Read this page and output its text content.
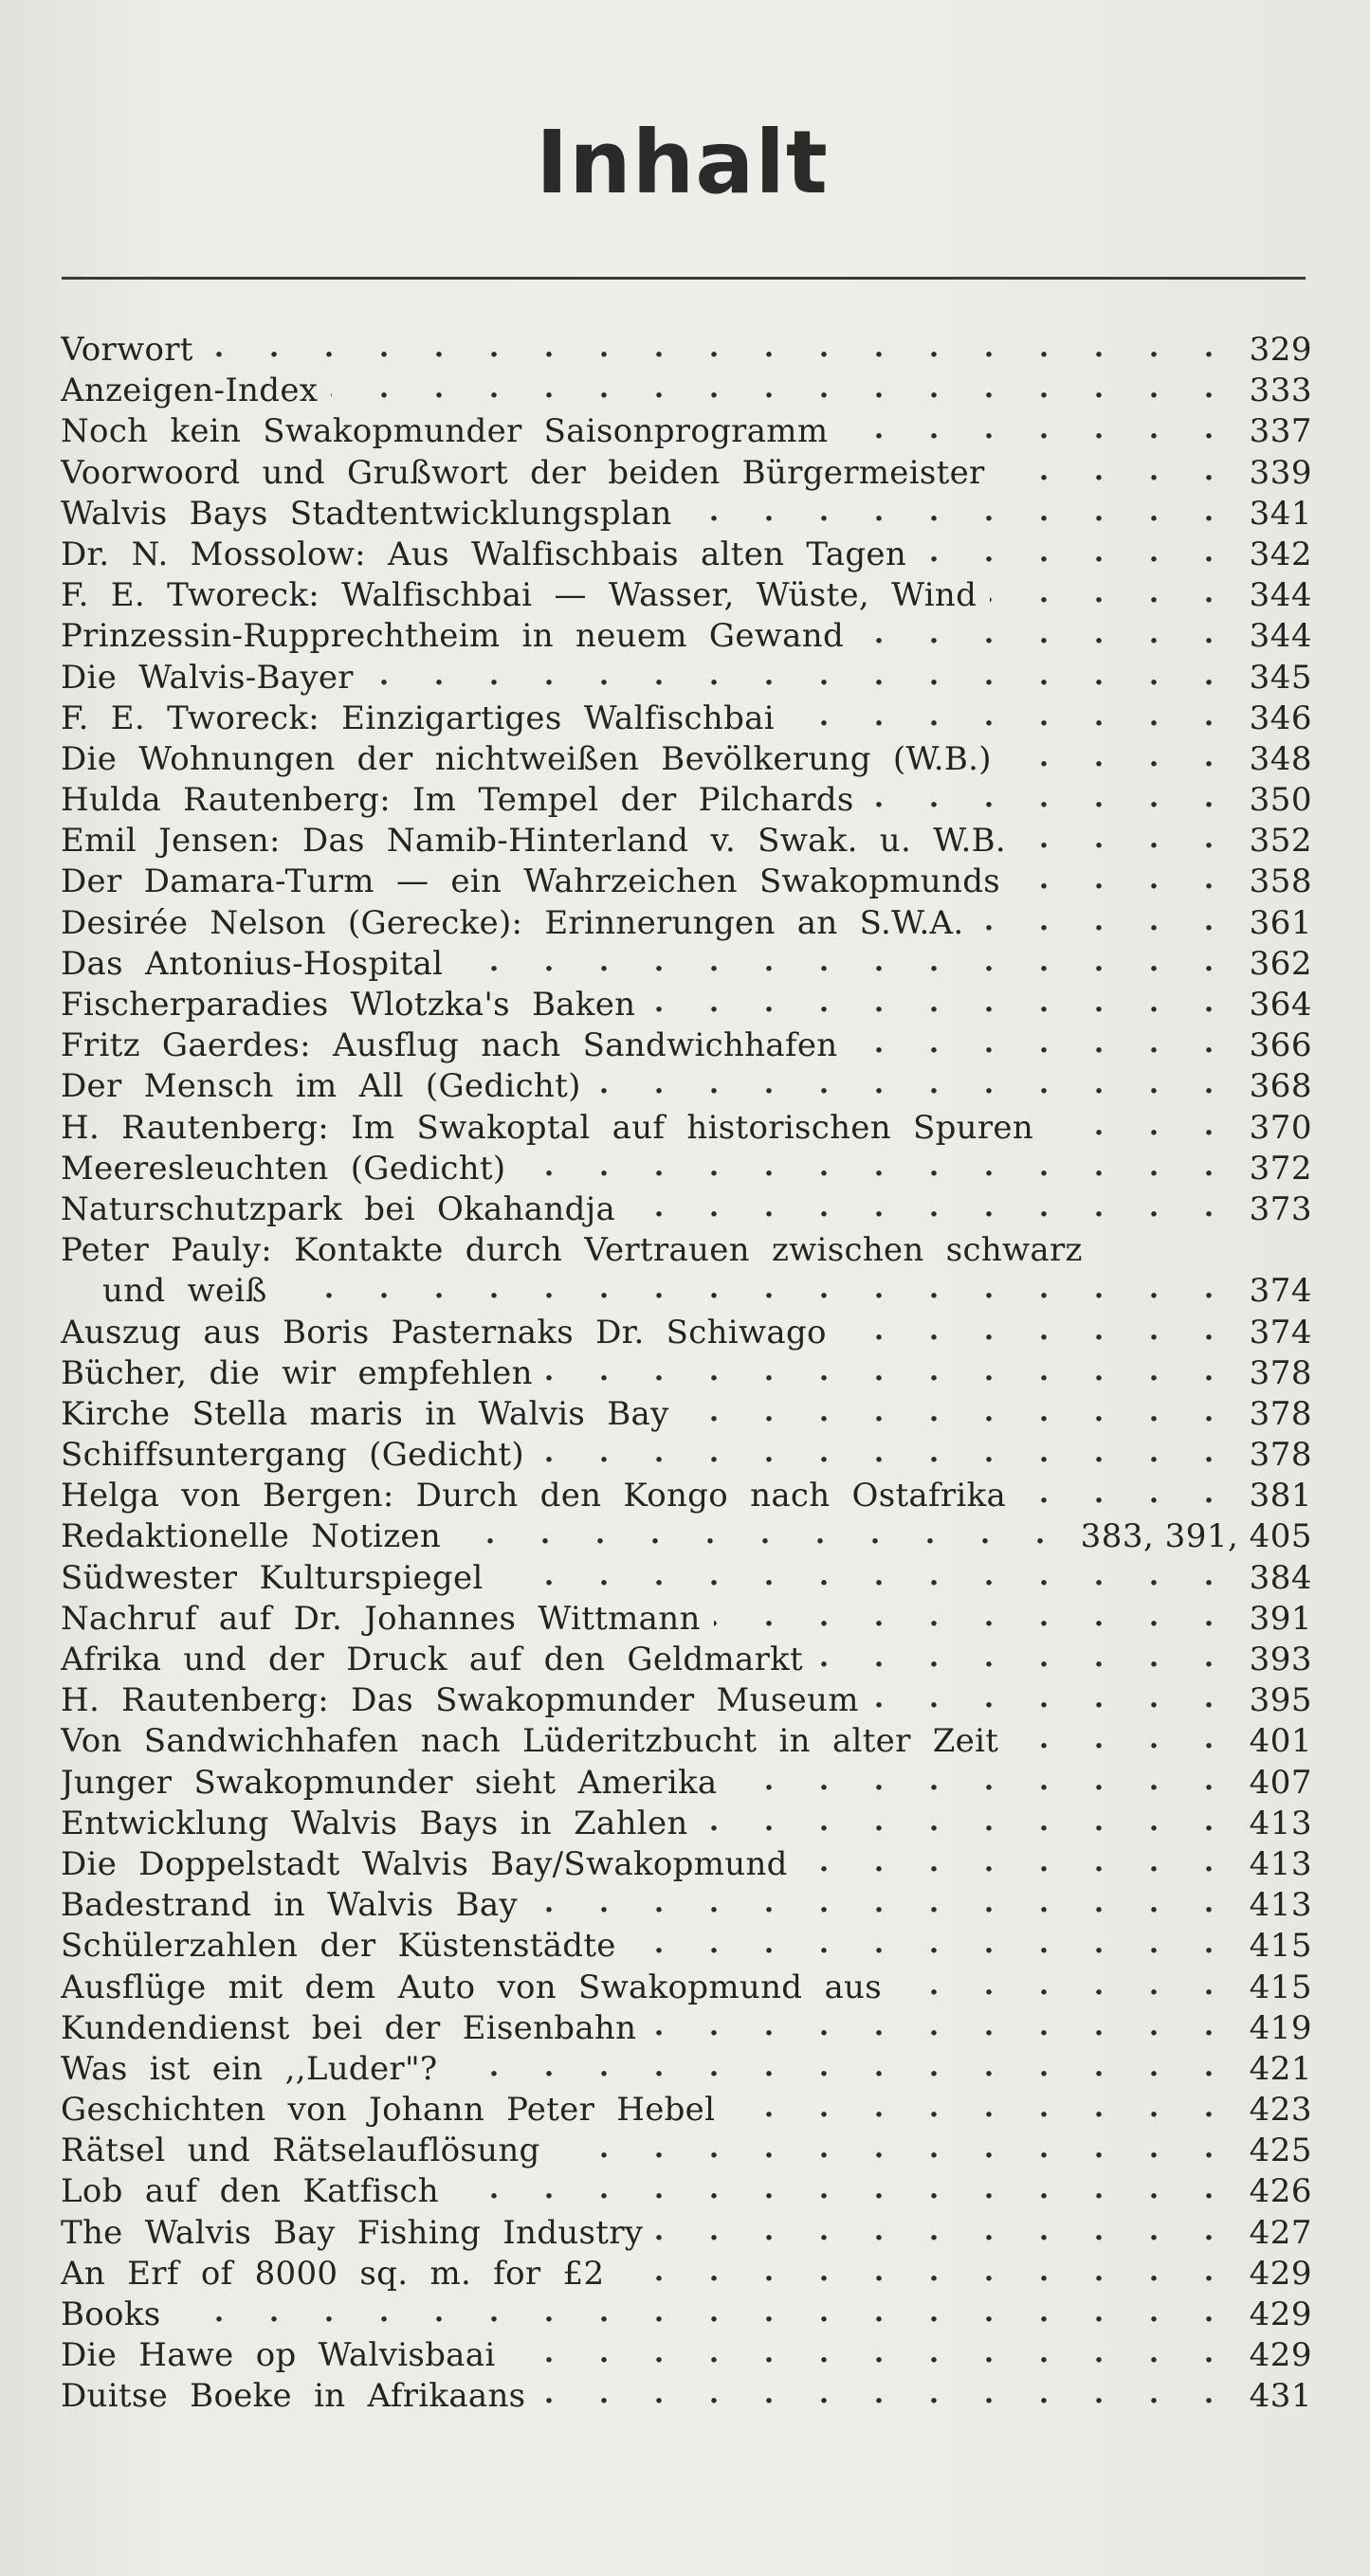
Inhalt
Vorwort	329
Anzeigen-Index	333
Noch kein Swakopmunder Saisonprogramm	337
Voorwoord und Grußwort der beiden Bürgermeister	339
Walvis Bays Stadtentwicklungsplan	341
Dr. N. Mossolow: Aus Walfischbais alten Tagen	342
F. E. Tworeck: Walfischbai — Wasser, Wüste, Wind	344
Prinzessin-Rupprechtheim in neuem Gewand	344
Die Walvis-Bayer	345
F. E. Tworeck: Einzigartiges Walfischbai	346
Die Wohnungen der nichtweißen Bevölkerung (W.B.)	348
Hulda Rautenberg: Im Tempel der Pilchards	350
Emil Jensen: Das Namib-Hinterland v. Swak. u. W.B.	352
Der Damara-Turm — ein Wahrzeichen Swakopmunds	358
Desirée Nelson (Gerecke): Erinnerungen an S.W.A.	361
Das Antonius-Hospital	362
Fischerparadies Wlotzka's Baken	364
Fritz Gaerdes: Ausflug nach Sandwichhafen	366
Der Mensch im All (Gedicht)	368
H. Rautenberg: Im Swakoptal auf historischen Spuren	370
Meeresleuchten (Gedicht)	372
Naturschutzpark bei Okahandja	373
Peter Pauly: Kontakte durch Vertrauen zwischen schwarz
und weiß	374
Auszug aus Boris Pasternaks Dr. Schiwago	374
Bücher, die wir empfehlen	378
Kirche Stella maris in Walvis Bay	378
Schiffsuntergang (Gedicht)	378
Helga von Bergen: Durch den Kongo nach Ostafrika	381
Redaktionelle Notizen	383, 391, 405
Südwester Kulturspiegel	384
Nachruf auf Dr. Johannes Wittmann	391
Afrika und der Druck auf den Geldmarkt	393
H. Rautenberg: Das Swakopmunder Museum	395
Von Sandwichhafen nach Lüderitzbucht in alter Zeit	401
Junger Swakopmunder sieht Amerika	407
Entwicklung Walvis Bays in Zahlen	413
Die Doppelstadt Walvis Bay/Swakopmund	413
Badestrand in Walvis Bay	413
Schülerzahlen der Küstenstädte	415
Ausflüge mit dem Auto von Swakopmund aus	415
Kundendienst bei der Eisenbahn	419
Was ist ein ,,Luder"?	421
Geschichten von Johann Peter Hebel	423
Rätsel und Rätselauflösung	425
Lob auf den Katfisch	426
The Walvis Bay Fishing Industry	427
An Erf of 8000 sq. m. for £2	429
Books	429
Die Hawe op Walvisbaai	429
Duitse Boeke in Afrikaans	431
